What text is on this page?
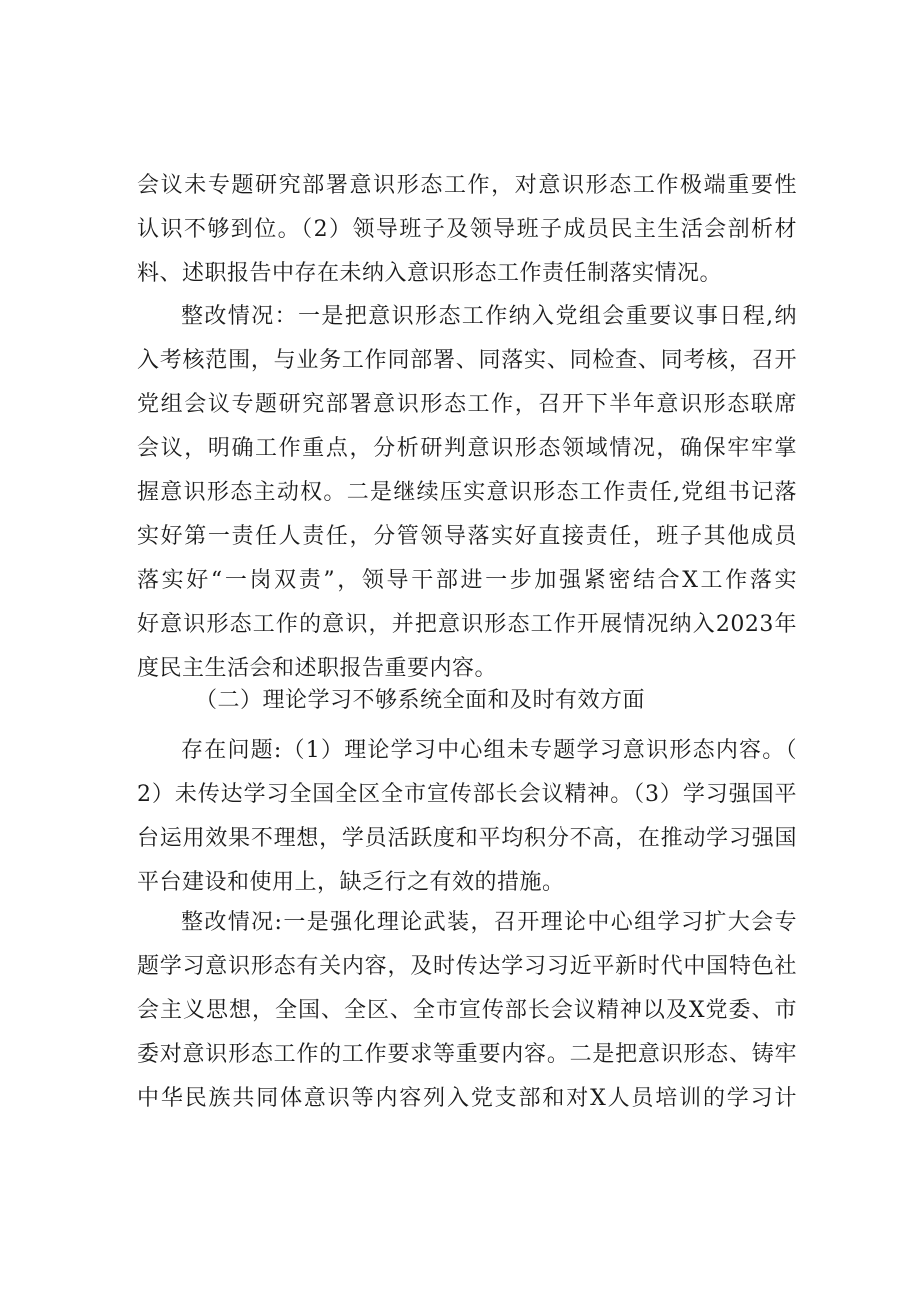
会议未专题研究部署意识形态工作，对意识形态工作极端重要性
认识不够到位。（2）领导班子及领导班子成员民主生活会剖析材
料、述职报告中存在未纳入意识形态工作责任制落实情况。
整改情况：一是把意识形态工作纳入党组会重要议事日程,纳
入考核范围，与业务工作同部署、同落实、同检查、同考核，召开
党组会议专题研究部署意识形态工作，召开下半年意识形态联席
会议，明确工作重点，分析研判意识形态领域情况，确保牢牢掌
握意识形态主动权。二是继续压实意识形态工作责任,党组书记落
实好第一责任人责任，分管领导落实好直接责任，班子其他成员
落实好“一岗双责”，领导干部进一步加强紧密结合X工作落实
好意识形态工作的意识，并把意识形态工作开展情况纳入2023年
度民主生活会和述职报告重要内容。
（二）理论学习不够系统全面和及时有效方面
存在问题:（1）理论学习中心组未专题学习意识形态内容。（
2）未传达学习全国全区全市宣传部长会议精神。（3）学习强国平
台运用效果不理想，学员活跃度和平均积分不高，在推动学习强国
平台建设和使用上，缺乏行之有效的措施。
整改情况:一是强化理论武装，召开理论中心组学习扩大会专
题学习意识形态有关内容，及时传达学习习近平新时代中国特色社
会主义思想，全国、全区、全市宣传部长会议精神以及X党委、市
委对意识形态工作的工作要求等重要内容。二是把意识形态、铸牢
中华民族共同体意识等内容列入党支部和对X人员培训的学习计
